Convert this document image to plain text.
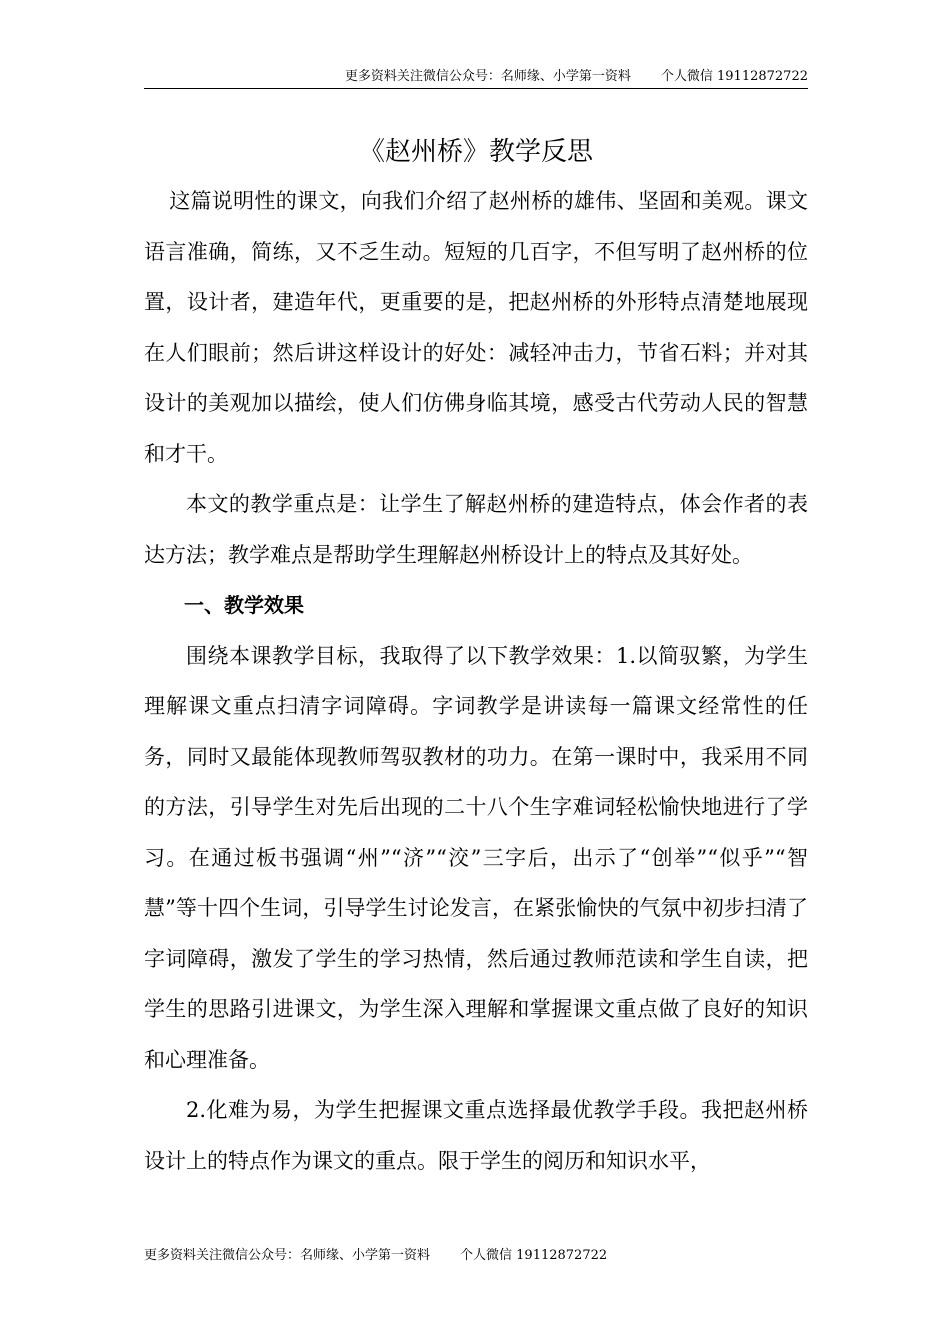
更多资料关注微信公众号：名师缘、小学第一资料 个人微信 19112872722
《赵州桥》教学反思

这篇说明性的课文，向我们介绍了赵州桥的雄伟、坚固和美观。课文语言准确，简练，又不乏生动。短短的几百字，不但写明了赵州桥的位置，设计者，建造年代，更重要的是，把赵州桥的外形特点清楚地展现在人们眼前；然后讲这样设计的好处：减轻冲击力，节省石料；并对其设计的美观加以描绘，使人们仿佛身临其境，感受古代劳动人民的智慧和才干。

本文的教学重点是：让学生了解赵州桥的建造特点，体会作者的表达方法；教学难点是帮助学生理解赵州桥设计上的特点及其好处。

一、教学效果

围绕本课教学目标，我取得了以下教学效果：1.以简驭繁，为学生理解课文重点扫清字词障碍。字词教学是讲读每一篇课文经常性的任务，同时又最能体现教师驾驭教材的功力。在第一课时中，我采用不同的方法，引导学生对先后出现的二十八个生字难词轻松愉快地进行了学习。在通过板书强调“州”“济”“洨”三字后，出示了“创举”“似乎”“智慧”等十四个生词，引导学生讨论发言，在紧张愉快的气氛中初步扫清了字词障碍，激发了学生的学习热情，然后通过教师范读和学生自读，把学生的思路引进课文，为学生深入理解和掌握课文重点做了良好的知识和心理准备。

2.化难为易，为学生把握课文重点选择最优教学手段。我把赵州桥设计上的特点作为课文的重点。限于学生的阅历和知识水平，

更多资料关注微信公众号：名师缘、小学第一资料 个人微信 19112872722
